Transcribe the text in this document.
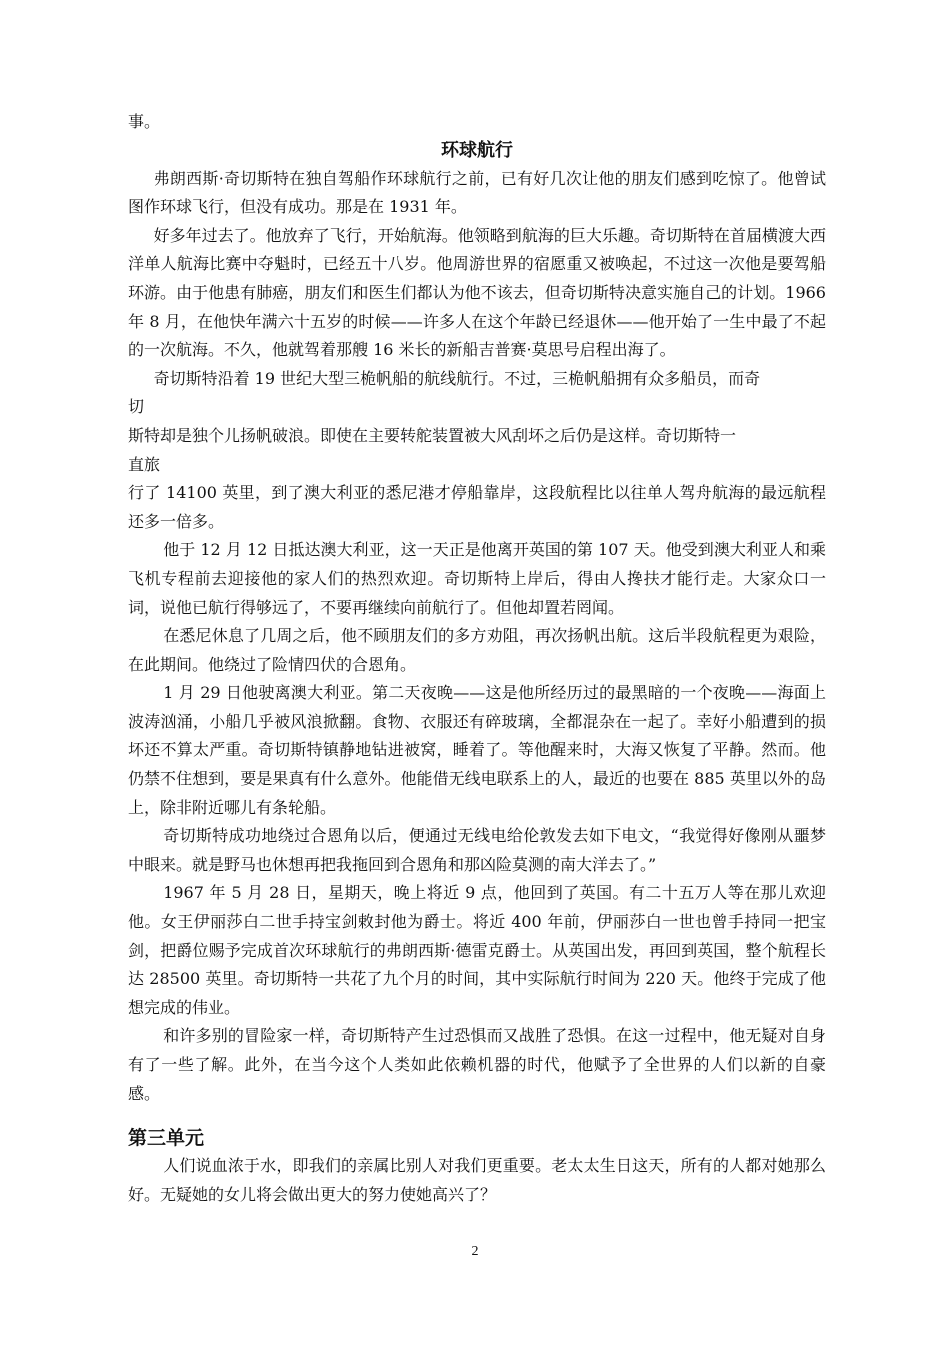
事。

环球航行

弗朗西斯·奇切斯特在独自驾船作环球航行之前，已有好几次让他的朋友们感到吃惊了。他曾试图作环球飞行，但没有成功。那是在 1931 年。

好多年过去了。他放弃了飞行，开始航海。他领略到航海的巨大乐趣。奇切斯特在首届横渡大西洋单人航海比赛中夺魁时，已经五十八岁。他周游世界的宿愿重又被唤起，不过这一次他是要驾船环游。由于他患有肺癌，朋友们和医生们都认为他不该去，但奇切斯特决意实施自己的计划。1966 年 8 月，在他快年满六十五岁的时候——许多人在这个年龄已经退休——他开始了一生中最了不起的一次航海。不久，他就驾着那艘 16 米长的新船吉普赛·莫思号启程出海了。

奇切斯特沿着 19 世纪大型三桅帆船的航线航行。不过，三桅帆船拥有众多船员，而奇

切

斯特却是独个儿扬帆破浪。即使在主要转舵装置被大风刮坏之后仍是这样。奇切斯特一

直旅

行了 14100 英里，到了澳大利亚的悉尼港才停船靠岸，这段航程比以往单人驾舟航海的最远航程还多一倍多。

他于 12 月 12 日抵达澳大利亚，这一天正是他离开英国的第 107 天。他受到澳大利亚人和乘飞机专程前去迎接他的家人们的热烈欢迎。奇切斯特上岸后，得由人搀扶才能行走。大家众口一词，说他已航行得够远了，不要再继续向前航行了。但他却置若罔闻。

在悉尼休息了几周之后，他不顾朋友们的多方劝阻，再次扬帆出航。这后半段航程更为艰险，在此期间。他绕过了险情四伏的合恩角。

1 月 29 日他驶离澳大利亚。第二天夜晚——这是他所经历过的最黑暗的一个夜晚——海面上波涛汹涌，小船几乎被风浪掀翻。食物、衣服还有碎玻璃，全都混杂在一起了。幸好小船遭到的损坏还不算太严重。奇切斯特镇静地钻进被窝，睡着了。等他醒来时，大海又恢复了平静。然而。他仍禁不住想到，要是果真有什么意外。他能借无线电联系上的人，最近的也要在 885 英里以外的岛上，除非附近哪儿有条轮船。

奇切斯特成功地绕过合恩角以后，便通过无线电给伦敦发去如下电文，“我觉得好像刚从噩梦中眼来。就是野马也休想再把我拖回到合恩角和那凶险莫测的南大洋去了。”

1967 年 5 月 28 日，星期天，晚上将近 9 点，他回到了英国。有二十五万人等在那儿欢迎他。女王伊丽莎白二世手持宝剑敕封他为爵士。将近 400 年前，伊丽莎白一世也曾手持同一把宝剑，把爵位赐予完成首次环球航行的弗朗西斯·德雷克爵士。从英国出发，再回到英国，整个航程长达 28500 英里。奇切斯特一共花了九个月的时间，其中实际航行时间为 220 天。他终于完成了他想完成的伟业。

和许多别的冒险家一样，奇切斯特产生过恐惧而又战胜了恐惧。在这一过程中，他无疑对自身有了一些了解。此外，在当今这个人类如此依赖机器的时代，他赋予了全世界的人们以新的自豪感。

第三单元

人们说血浓于水，即我们的亲属比别人对我们更重要。老太太生日这天，所有的人都对她那么好。无疑她的女儿将会做出更大的努力使她高兴了？

2
